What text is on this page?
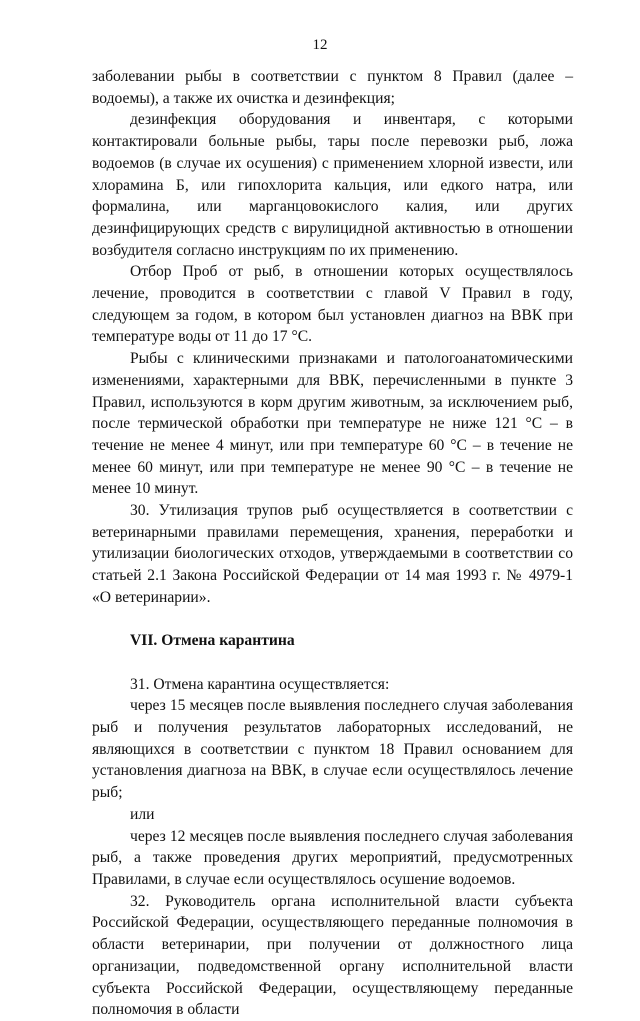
12

заболевании рыбы в соответствии с пунктом 8 Правил (далее – водоемы), а также их очистка и дезинфекция;

дезинфекция оборудования и инвентаря, с которыми контактировали больные рыбы, тары после перевозки рыб, ложа водоемов (в случае их осушения) с применением хлорной извести, или хлорамина Б, или гипохлорита кальция, или едкого натра, или формалина, или марганцовокислого калия, или других дезинфицирующих средств с вирулицидной активностью в отношении возбудителя согласно инструкциям по их применению.

Отбор Проб от рыб, в отношении которых осуществлялось лечение, проводится в соответствии с главой V Правил в году, следующем за годом, в котором был установлен диагноз на ВВК при температуре воды от 11 до 17 °С.

Рыбы с клиническими признаками и патологоанатомическими изменениями, характерными для ВВК, перечисленными в пункте 3 Правил, используются в корм другим животным, за исключением рыб, после термической обработки при температуре не ниже 121 °С – в течение не менее 4 минут, или при температуре 60 °С – в течение не менее 60 минут, или при температуре не менее 90 °С – в течение не менее 10 минут.

30. Утилизация трупов рыб осуществляется в соответствии с ветеринарными правилами перемещения, хранения, переработки и утилизации биологических отходов, утверждаемыми в соответствии со статьей 2.1 Закона Российской Федерации от 14 мая 1993 г. № 4979-1 «О ветеринарии».

VII. Отмена карантина

31. Отмена карантина осуществляется:

через 15 месяцев после выявления последнего случая заболевания рыб и получения результатов лабораторных исследований, не являющихся в соответствии с пунктом 18 Правил основанием для установления диагноза на ВВК, в случае если осуществлялось лечение рыб;

или

через 12 месяцев после выявления последнего случая заболевания рыб, а также проведения других мероприятий, предусмотренных Правилами, в случае если осуществлялось осушение водоемов.

32. Руководитель органа исполнительной власти субъекта Российской Федерации, осуществляющего переданные полномочия в области ветеринарии, при получении от должностного лица организации, подведомственной органу исполнительной власти субъекта Российской Федерации, осуществляющему переданные полномочия в области
